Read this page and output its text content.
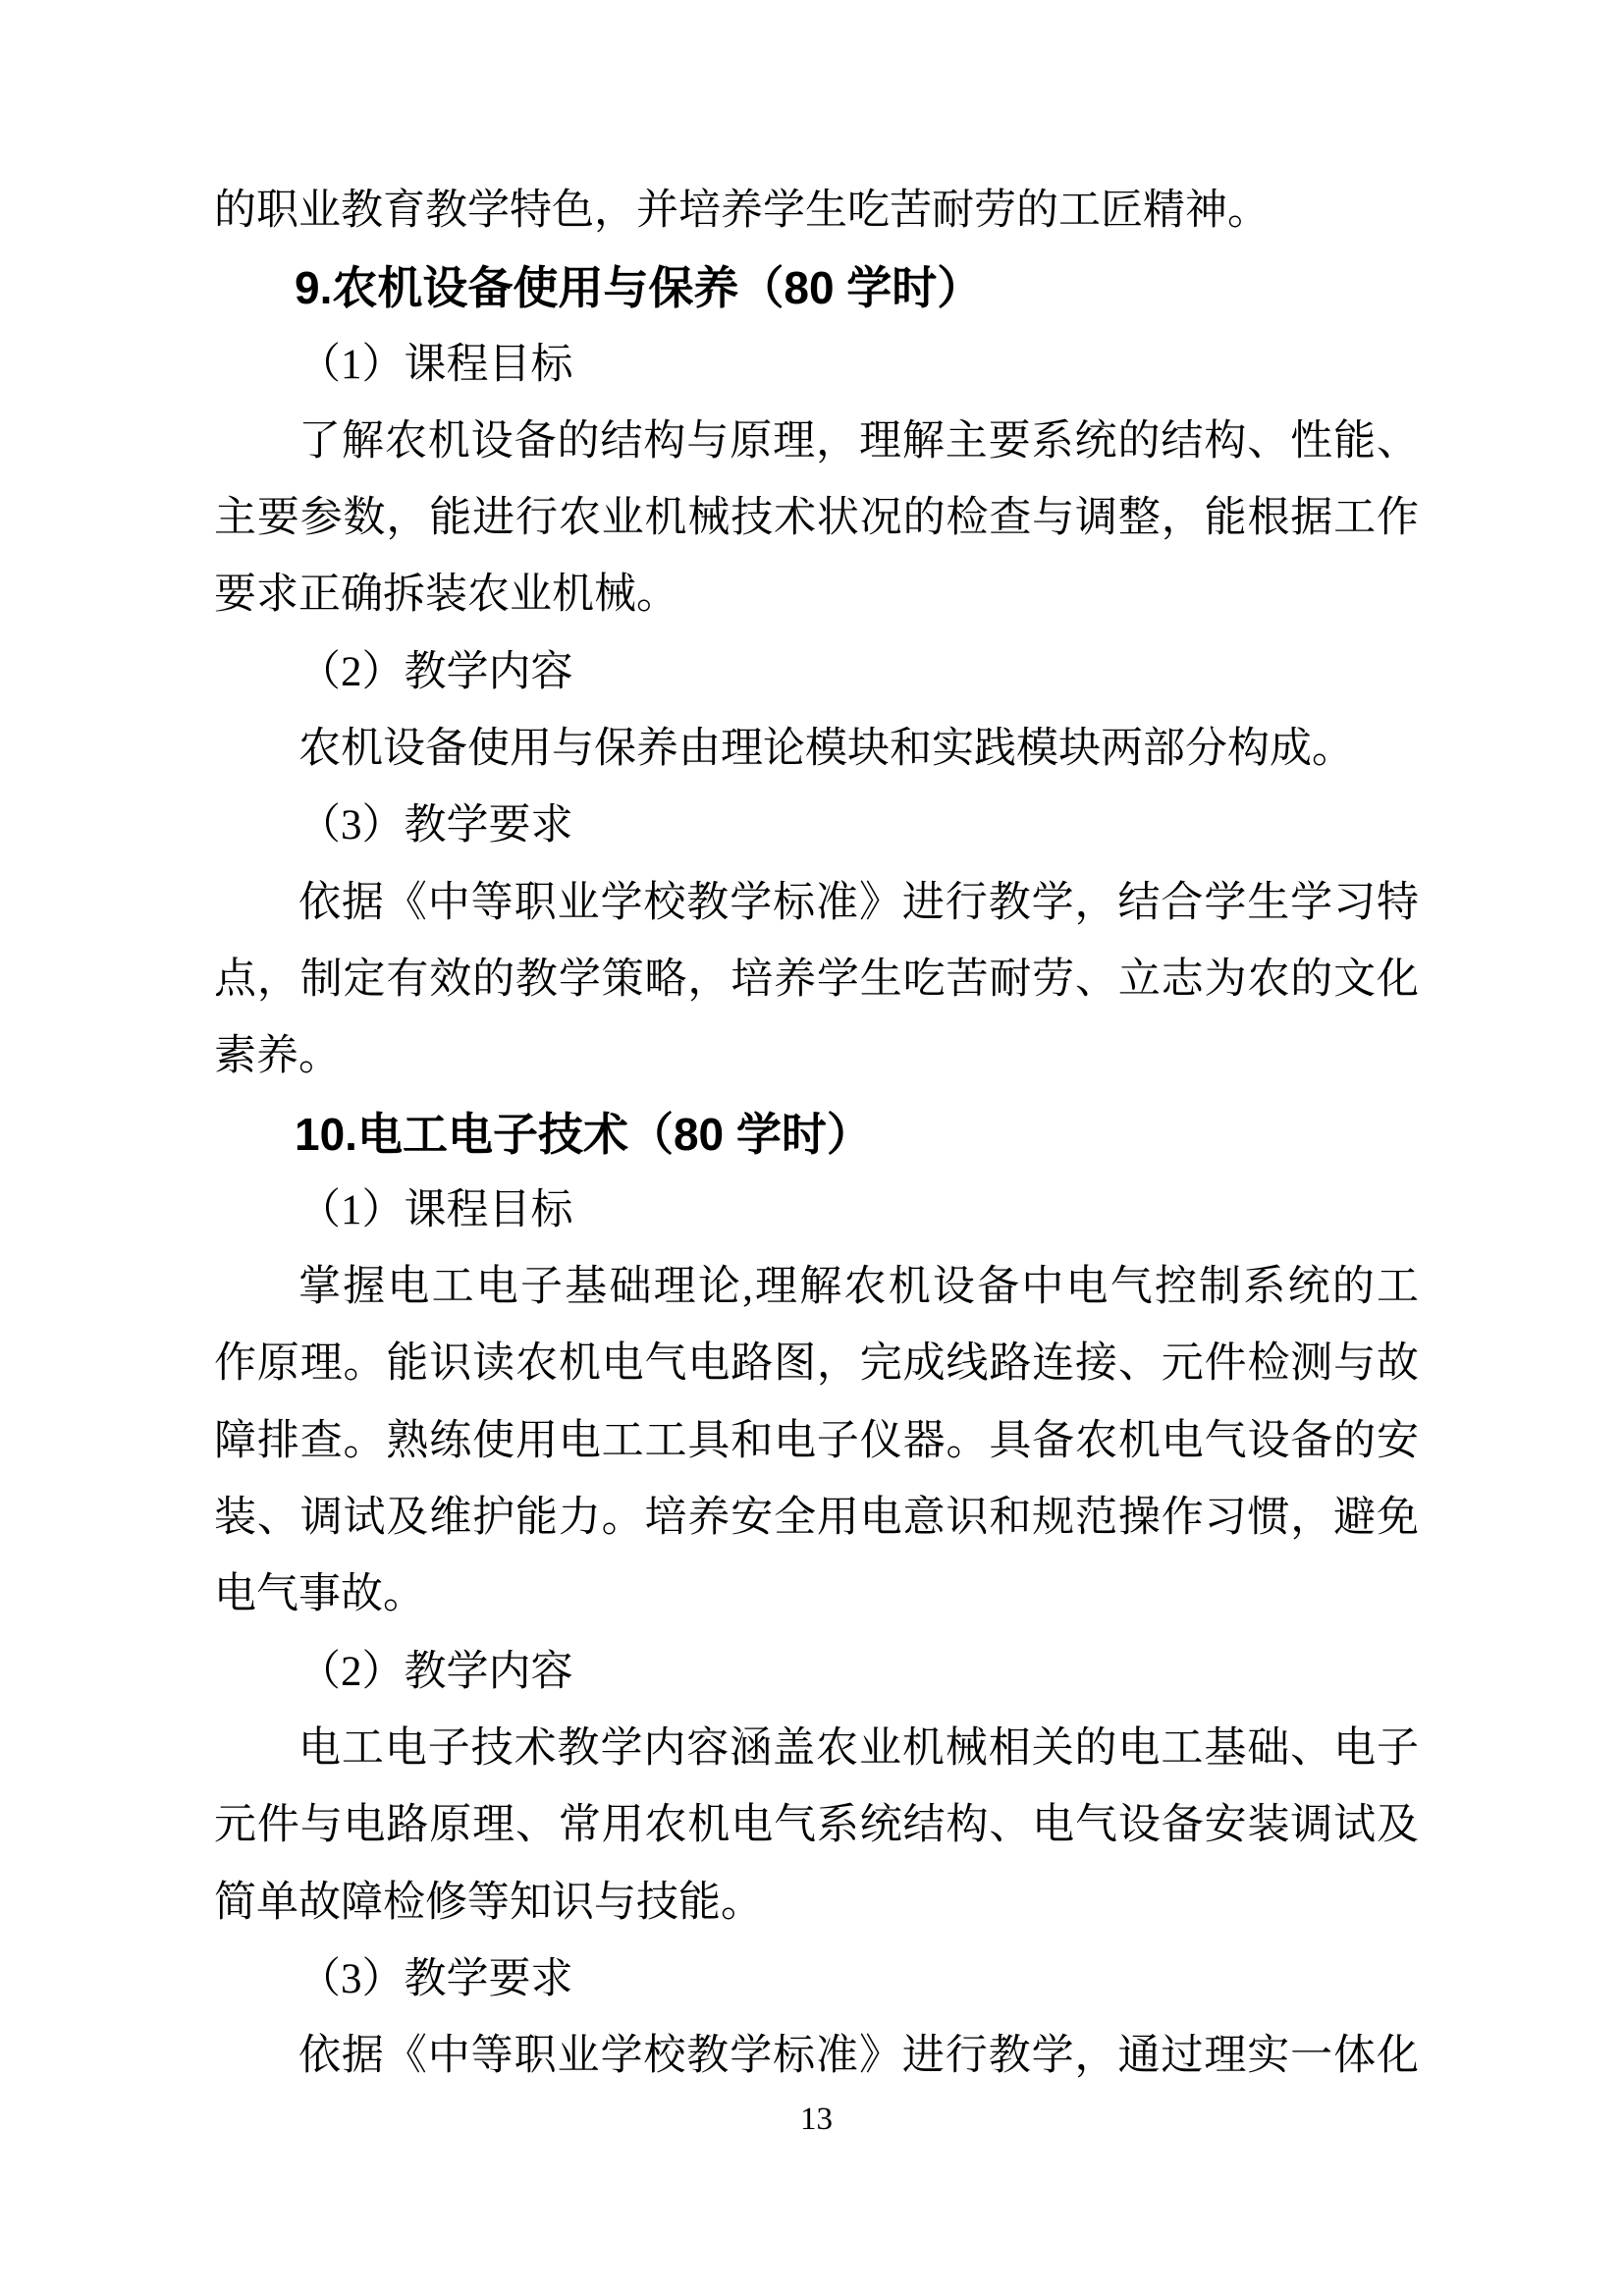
的职业教育教学特色，并培养学生吃苦耐劳的工匠精神。
9.农机设备使用与保养（80 学时）
（1）课程目标
了解农机设备的结构与原理，理解主要系统的结构、性能、
主要参数，能进行农业机械技术状况的检查与调整，能根据工作
要求正确拆装农业机械。
（2）教学内容
农机设备使用与保养由理论模块和实践模块两部分构成。
（3）教学要求
依据《中等职业学校教学标准》进行教学，结合学生学习特
点，制定有效的教学策略，培养学生吃苦耐劳、立志为农的文化
素养。
10.电工电子技术（80 学时）
（1）课程目标
掌握电工电子基础理论,理解农机设备中电气控制系统的工
作原理。能识读农机电气电路图，完成线路连接、元件检测与故
障排查。熟练使用电工工具和电子仪器。具备农机电气设备的安
装、调试及维护能力。培养安全用电意识和规范操作习惯，避免
电气事故。
（2）教学内容
电工电子技术教学内容涵盖农业机械相关的电工基础、电子
元件与电路原理、常用农机电气系统结构、电气设备安装调试及
简单故障检修等知识与技能。
（3）教学要求
依据《中等职业学校教学标准》进行教学，通过理实一体化
13
